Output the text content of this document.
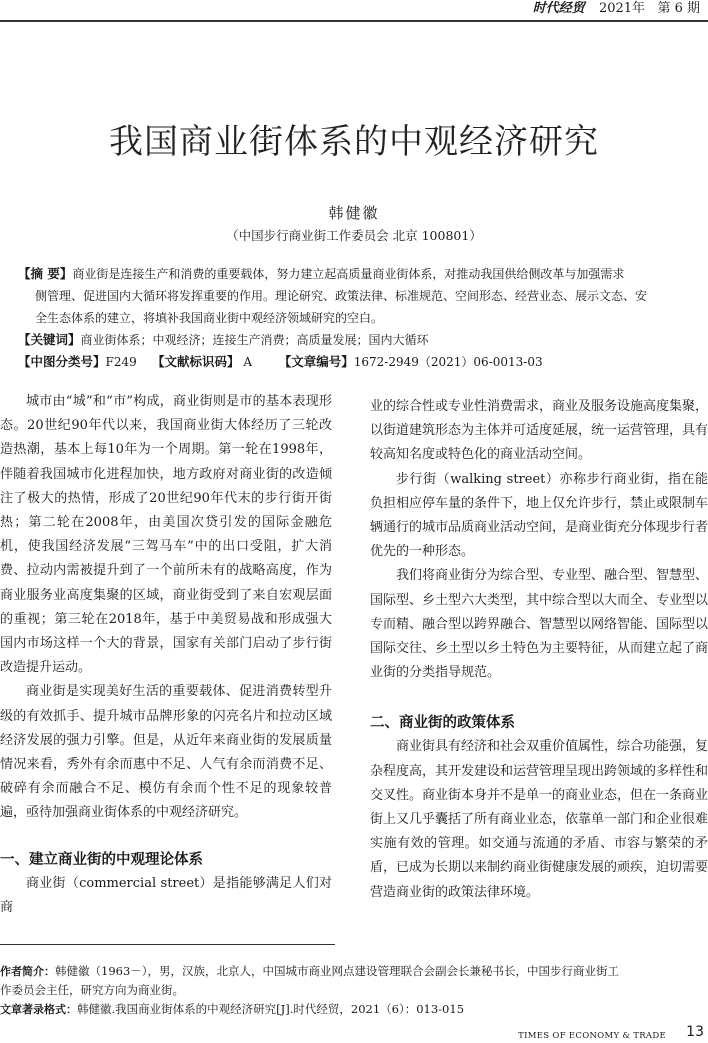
时代经贸 2021年 第 6 期
我国商业街体系的中观经济研究
韩健徽
（中国步行商业街工作委员会 北京 100801）

【摘 要】商业街是连接生产和消费的重要载体，努力建立起高质量商业街体系，对推动我国供给侧改革与加强需求

侧管理、促进国内大循环将发挥重要的作用。理论研究、政策法律、标准规范、空间形态、经营业态、展示文态、安

全生态体系的建立，将填补我国商业街中观经济领域研究的空白。

【关键词】商业街体系；中观经济；连接生产消费；高质量发展；国内大循环

【中图分类号】F249 【文献标识码】 A 【文章编号】1672-2949（2021）06-0013-03

城市由“城”和“市”构成，商业街则是市的基本表现形态。20世纪90年代以来，我国商业街大体经历了三轮改造热潮，基本上每10年为一个周期。第一轮在1998年，伴随着我国城市化进程加快，地方政府对商业街的改造倾注了极大的热情，形成了20世纪90年代末的步行街开街热；第二轮在2008年，由美国次贷引发的国际金融危机，使我国经济发展“三驾马车”中的出口受阻，扩大消费、拉动内需被提升到了一个前所未有的战略高度，作为商业服务业高度集聚的区域，商业街受到了来自宏观层面的重视；第三轮在2018年，基于中美贸易战和形成强大国内市场这样一个大的背景，国家有关部门启动了步行街改造提升运动。

商业街是实现美好生活的重要载体、促进消费转型升级的有效抓手、提升城市品牌形象的闪亮名片和拉动区域经济发展的强力引擎。但是，从近年来商业街的发展质量情况来看，秀外有余而惠中不足、人气有余而消费不足、破碎有余而融合不足、模仿有余而个性不足的现象较普遍，亟待加强商业街体系的中观经济研究。

一、建立商业街的中观理论体系

商业街（commercial street）是指能够满足人们对商

业的综合性或专业性消费需求，商业及服务设施高度集聚，以街道建筑形态为主体并可适度延展，统一运营管理，具有较高知名度或特色化的商业活动空间。

步行街（walking street）亦称步行商业街，指在能负担相应停车量的条件下，地上仅允许步行，禁止或限制车辆通行的城市品质商业活动空间，是商业街充分体现步行者优先的一种形态。

我们将商业街分为综合型、专业型、融合型、智慧型、国际型、乡土型六大类型，其中综合型以大而全、专业型以专而精、融合型以跨界融合、智慧型以网络智能、国际型以国际交往、乡土型以乡土特色为主要特征，从而建立起了商业街的分类指导规范。

二、商业街的政策体系

商业街具有经济和社会双重价值属性，综合功能强，复杂程度高，其开发建设和运营管理呈现出跨领域的多样性和交叉性。商业街本身并不是单一的商业业态，但在一条商业街上又几乎囊括了所有商业业态，依靠单一部门和企业很难实施有效的管理。如交通与流通的矛盾、市容与繁荣的矛盾，已成为长期以来制约商业街健康发展的顽疾，迫切需要营造商业街的政策法律环境。

作者简介：韩健徽（1963－），男，汉族，北京人，中国城市商业网点建设管理联合会副会长兼秘书长，中国步行商业街工

作委员会主任，研究方向为商业街。

文章著录格式：韩健徽.我国商业街体系的中观经济研究[J].时代经贸，2021（6）：013-015

TIMES OF ECONOMY & TRADE 13
